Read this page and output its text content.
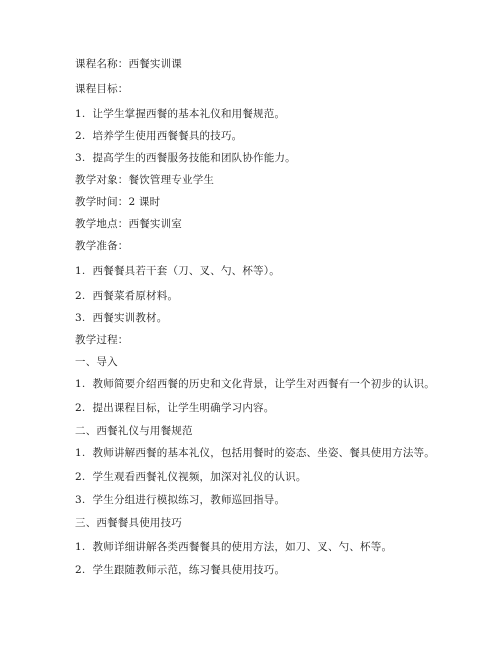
课程名称：西餐实训课
课程目标：
1. 让学生掌握西餐的基本礼仪和用餐规范。
2. 培养学生使用西餐餐具的技巧。
3. 提高学生的西餐服务技能和团队协作能力。
教学对象：餐饮管理专业学生
教学时间：2 课时
教学地点：西餐实训室
教学准备：
1. 西餐餐具若干套（刀、叉、勺、杯等）。
2. 西餐菜肴原材料。
3. 西餐实训教材。
教学过程：
一、导入
1. 教师简要介绍西餐的历史和文化背景，让学生对西餐有一个初步的认识。
2. 提出课程目标，让学生明确学习内容。
二、西餐礼仪与用餐规范
1. 教师讲解西餐的基本礼仪，包括用餐时的姿态、坐姿、餐具使用方法等。
2. 学生观看西餐礼仪视频，加深对礼仪的认识。
3. 学生分组进行模拟练习，教师巡回指导。
三、西餐餐具使用技巧
1. 教师详细讲解各类西餐餐具的使用方法，如刀、叉、勺、杯等。
2. 学生跟随教师示范，练习餐具使用技巧。
